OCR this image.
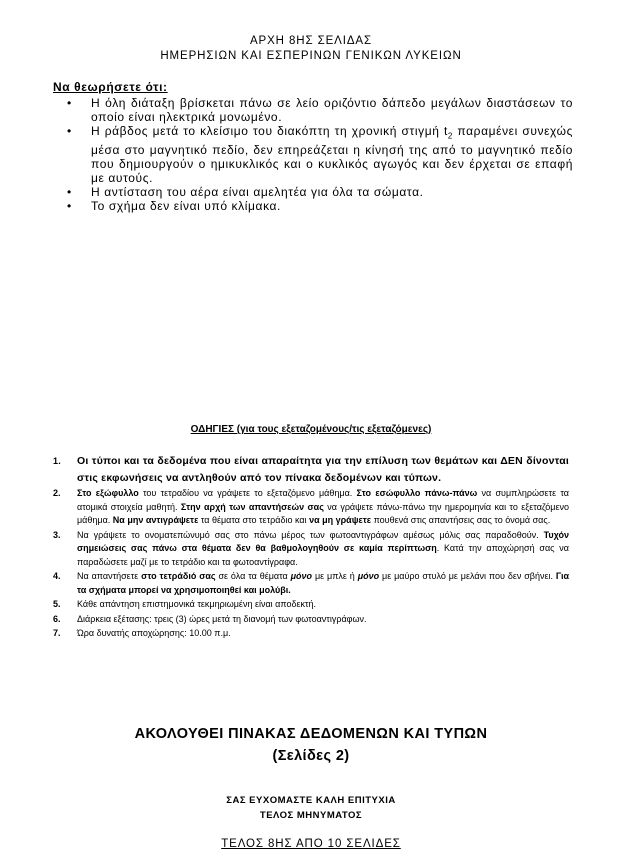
ΑΡΧΗ 8ΗΣ ΣΕΛΙΔΑΣ
ΗΜΕΡΗΣΙΩΝ ΚΑΙ ΕΣΠΕΡΙΝΩΝ ΓΕΝΙΚΩΝ ΛΥΚΕΙΩΝ
Να θεωρήσετε ότι:
• Η όλη διάταξη βρίσκεται πάνω σε λείο οριζόντιο δάπεδο μεγάλων διαστάσεων το οποίο είναι ηλεκτρικά μονωμένο.
• Η ράβδος μετά το κλείσιμο του διακόπτη τη χρονική στιγμή $t_2$ παραμένει συνεχώς μέσα στο μαγνητικό πεδίο, δεν επηρεάζεται η κίνησή της από το μαγνητικό πεδίο που δημιουργούν ο ημικυκλικός και ο κυκλικός αγωγός και δεν έρχεται σε επαφή με αυτούς.
• Η αντίσταση του αέρα είναι αμελητέα για όλα τα σώματα.
• Το σχήμα δεν είναι υπό κλίμακα.
ΟΔΗΓΙΕΣ (για τους εξεταζομένους/τις εξεταζόμενες)
1. Οι τύποι και τα δεδομένα που είναι απαραίτητα για την επίλυση των θεμάτων και ΔΕΝ δίνονται στις εκφωνήσεις να αντληθούν από τον πίνακα δεδομένων και τύπων.
2. Στο εξώφυλλο του τετραδίου να γράψετε το εξεταζόμενο μάθημα. Στο εσώφυλλο πάνω-πάνω να συμπληρώσετε τα ατομικά στοιχεία μαθητή. Στην αρχή των απαντήσεών σας να γράψετε πάνω-πάνω την ημερομηνία και το εξεταζόμενο μάθημα. Να μην αντιγράψετε τα θέματα στο τετράδιο και να μη γράψετε πουθενά στις απαντήσεις σας το όνομά σας.
3. Να γράψετε το ονοματεπώνυμό σας στο πάνω μέρος των φωτοαντιγράφων αμέσως μόλις σας παραδοθούν. Τυχόν σημειώσεις σας πάνω στα θέματα δεν θα βαθμολογηθούν σε καμία περίπτωση. Κατά την αποχώρησή σας να παραδώσετε μαζί με το τετράδιο και τα φωτοαντίγραφα.
4. Να απαντήσετε στο τετράδιό σας σε όλα τα θέματα μόνο με μπλε ή μόνο με μαύρο στυλό με μελάνι που δεν σβήνει. Για τα σχήματα μπορεί να χρησιμοποιηθεί και μολύβι.
5. Κάθε απάντηση επιστημονικά τεκμηριωμένη είναι αποδεκτή.
6. Διάρκεια εξέτασης: τρεις (3) ώρες μετά τη διανομή των φωτοαντιγράφων.
7. Ώρα δυνατής αποχώρησης: 10.00 π.μ.
ΑΚΟΛΟΥΘΕΙ ΠΙΝΑΚΑΣ ΔΕΔΟΜΕΝΩΝ ΚΑΙ ΤΥΠΩΝ
(Σελίδες 2)
ΣΑΣ ΕΥΧΟΜΑΣΤΕ ΚΑΛΗ ΕΠΙΤΥΧΙΑ
ΤΕΛΟΣ ΜΗΝΥΜΑΤΟΣ
ΤΕΛΟΣ 8ΗΣ ΑΠΟ 10 ΣΕΛΙΔΕΣ
